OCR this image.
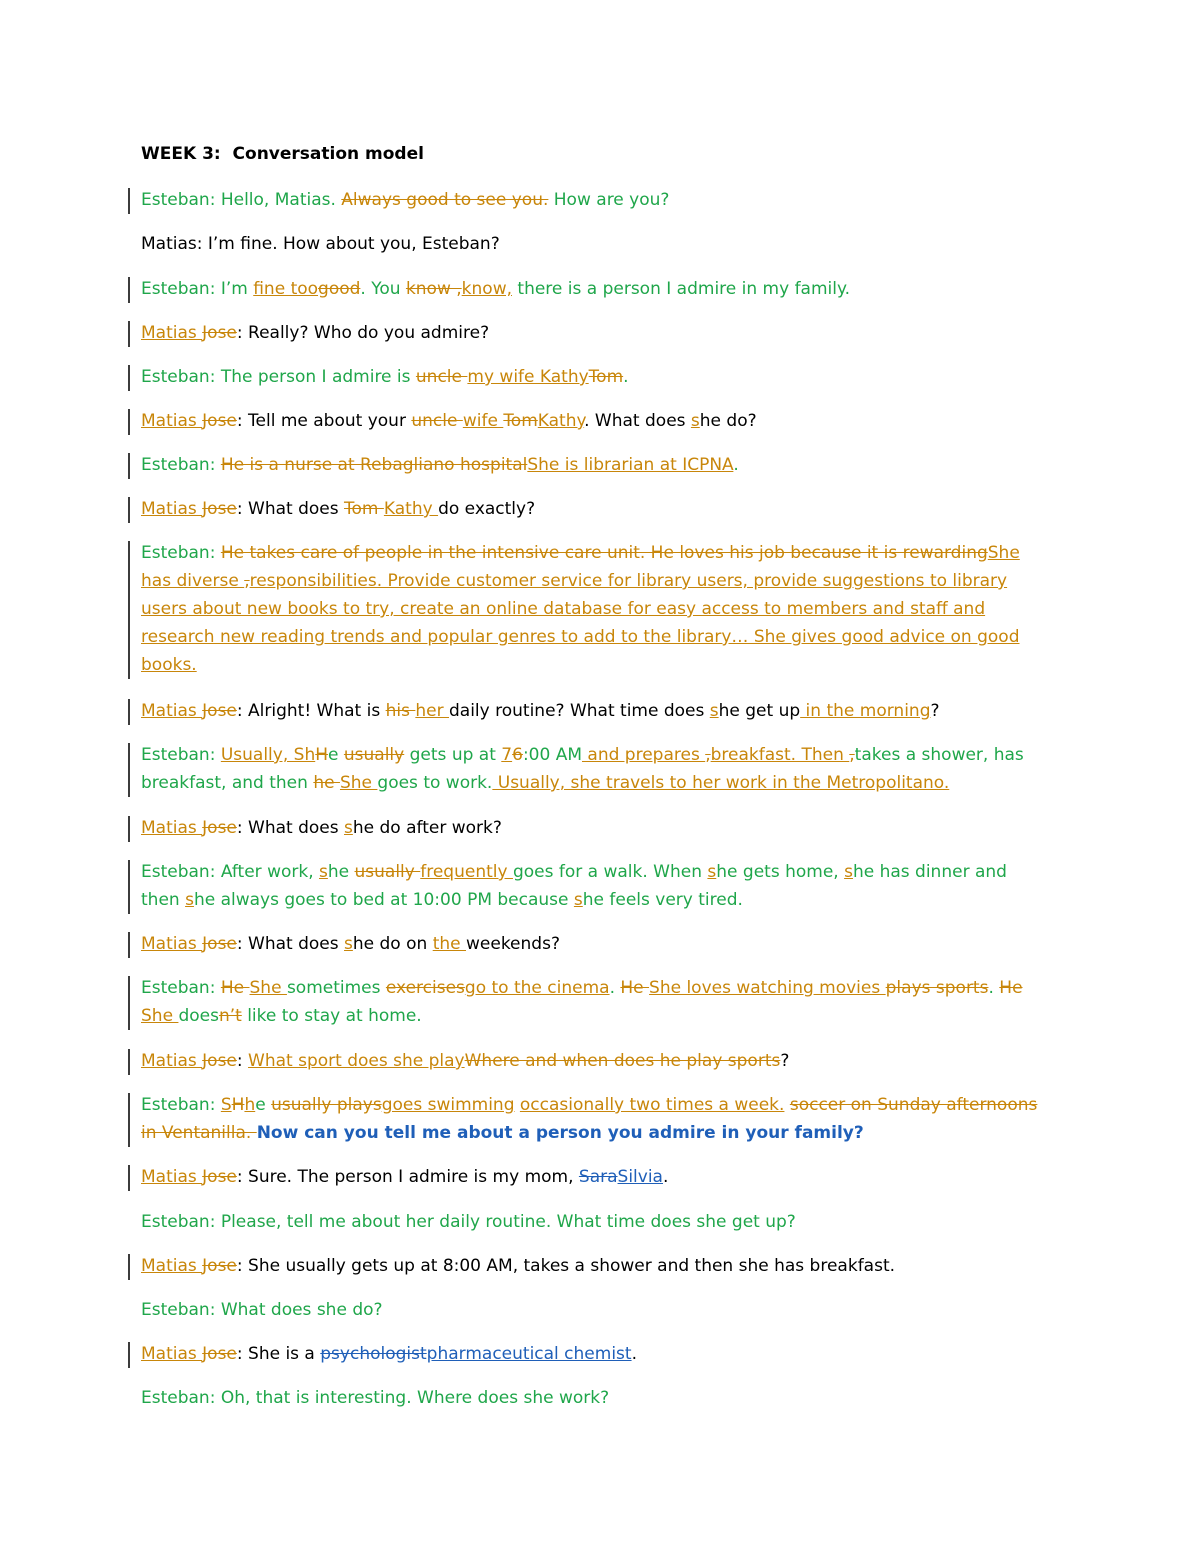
WEEK 3:  Conversation model
Esteban: Hello, Matias. Always good to see you. How are you?
Matias: I’m fine. How about you, Esteban?
Esteban: I’m fine toogood. You know ,know, there is a person I admire in my family.
Matias Jose: Really? Who do you admire?
Esteban: The person I admire is uncle my wife KathyTom.
Matias Jose: Tell me about your uncle wife TomKathy. What does she do?
Esteban: He is a nurse at Rebagliano hospitalShe is librarian at ICPNA.
Matias Jose: What does Tom Kathy do exactly?
Esteban: He takes care of people in the intensive care unit. He loves his job because it is rewardingShe has diverse ,responsibilities. Provide customer service for library users, provide suggestions to library users about new books to try, create an online database for easy access to members and staff and research new reading trends and popular genres to add to the library… She gives good advice on good books.
Matias Jose: Alright! What is his her daily routine? What time does she get up in the morning?
Esteban: Usually, ShHe usually gets up at 76:00 AM and prepares ,breakfast. Then ,takes a shower, has breakfast, and then he She goes to work. Usually, she travels to her work in the Metropolitano.
Matias Jose: What does she do after work?
Esteban: After work, she usually frequently goes for a walk. When she gets home, she has dinner and then she always goes to bed at 10:00 PM because she feels very tired.
Matias Jose: What does she do on the weekends?
Esteban: He She sometimes exercisesgo to the cinema. He She loves watching movies plays sports. He She doesn’t like to stay at home.
Matias Jose: What sport does she playWhere and when does he play sports?
Esteban: SHhe usually playsgoes swimming occasionally two times a week. soccer on Sunday afternoons in Ventanilla. Now can you tell me about a person you admire in your family?
Matias Jose: Sure. The person I admire is my mom, SaraSilvia.
Esteban: Please, tell me about her daily routine. What time does she get up?
Matias Jose: She usually gets up at 8:00 AM, takes a shower and then she has breakfast.
Esteban: What does she do?
Matias Jose: She is a psychologistpharmaceutical chemist.
Esteban: Oh, that is interesting. Where does she work?
